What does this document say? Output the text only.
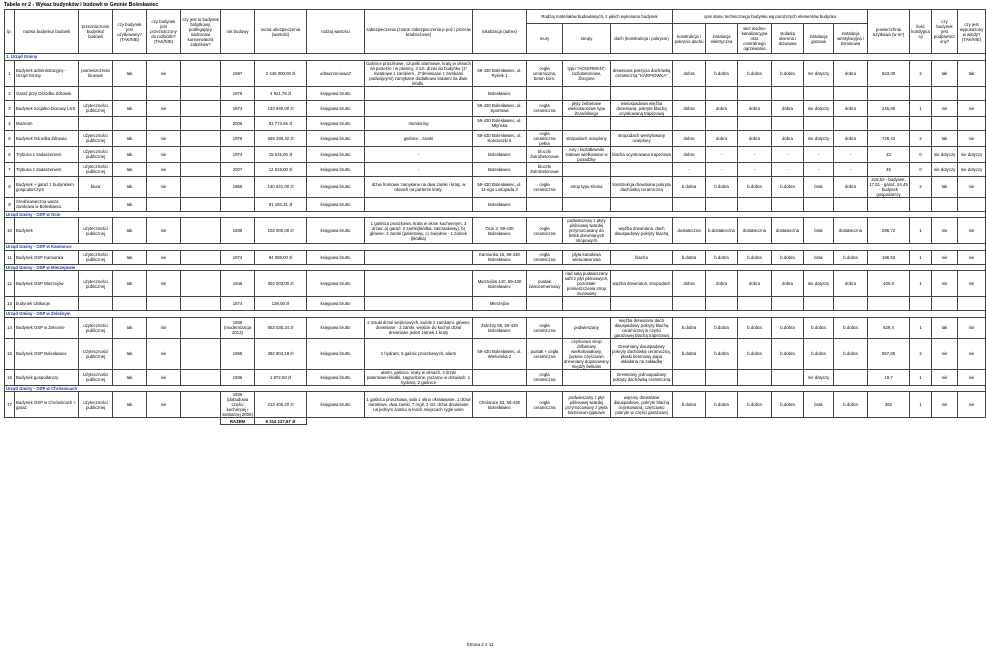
Tabela nr 2 - Wykaz budynków i budowli w Gminie Bolesławiec
lp.	nazwa budynku/ budowli	przeznaczenie budynku/ budowli	czy budynek jest użytkowany? (TAK/NIE)	czy budynek jest przeznaczony do rozbiórki? (TAK/NIE)	czy jest to budynek zabytkowy, podlegający nadzorowi konserwatora zabytków?	rok budowy	suma ubezpieczenia (wartość)	rodzaj wartości	zabezpieczenia (znane zabezpieczenia p-poż i przeciw kradzieżowe)	lokalizacja (adres)	Rodzaj materiałów budowlanych, z jakich wykonano budynek			opis stanu technicznego budynku wg poniższych elementów budynku						powierzchnia użytkowa (w m²)	ilość kondygnacji	czy budynek jest podpiwniczony?	czy jest wyposażony w windy? (TAK/NIE)
											mury	stropy	dach (konstrukcja i pokrycie)	konstrukcja i pokrycie dachu	instalacja elektryczna	sieć wodno-kanalizacyjna oraz centralnego ogrzewania	stolarka okienna i drzwiowa	instalacja gazowa	instalacja wentylacyjna i kominowa				
1. Urząd Gminy																							
1	Budynek administracyjny - Urząd Gminy	pomieszczenia biurowe	tak	nie		1987	2 445 000,00 zł	odtworzeniowa?	Gaśnice proszkowe, czujniki alarmowe, kraty w oknach na parterze i w piwnicy, 3 szt. drzwi do budynku (1* metalowe z zamkiem , 2*drewniane z zamkami podwójnymi) zamykane dodatkowo kratami na dwie kłódki.	59-430 Bolesławiec, ul. Rynek 1	cegła ceramiczna, beton kom.	typu "ACKERMAN", żużlobetonowe, żbrojone	drewniana pokrycia dachówką ceramiczną "KARPIÓWKA"	dobra	b.dobra	b.dobra	b.dobra	nie dotyczy	dobra	843,00	2	tak	tak
2	Garaż przy Ośrodku Zdrowia					1978	4 921,75 zł	księgowa brutto		Bolesławiec													
3	Budynek socjalno-biurowy LKS	użyteczności publicznej	tak	nie		1974	133 940,00 zł	księgowa brutto		59-430 Bolesławiec, ul. Sportowa	cegła ceramiczna	płyty żelbetowe wielootworowe typu Żerańskiego	wielospadowa więźba drewniana, pokryte blachą ocynkowaną trapezową	dobra	dobra	dobra	dobra	nie dotyczy	dobra	246,85	1	nie	nie
4	Muzeum					2006	81 773,56 zł	księgowa brutto	monitoring	59-430 Bolesławiec, ul. Młyńska													
5	Budynek Ośrodka Zdrowia	użyteczności publicznej	tak	nie		1978	659 290,42 zł	księgowa brutto	gaśnice , zamki	59-430 Bolesławiec, ul. Kościuszki 6	cegła ceramiczna pełna	stropodach ocieplony	stropodach wentylowany ocieplony	dobra	dobra	dobra	dobra	nie dotyczy	dobra	728,43	2	tak	nie
6	Trybuna z zadaszeniem	użyteczności publicznej	tak	nie		1974	15 231,00 zł	księgowa brutto	-	Bolesławiec	bloczki żwirobetonowe	rury i kształtowniki stalowe wielkowane w posadzkę	blacha ocynkowana trapezowa	dobra	-	-	-	-	-	23	0	nie dotyczy	nie dotyczy
7	Trybuna z zadaszeniem	użyteczności publicznej	tak	nie		2007	12 619,00 zł	księgowa brutto	-	Bolesławiec	bloczki żwirobetonowe			-	-	-	-	-	-	45	0	nie dotyczy	nie dotyczy
8	Budynek + garaż z budynkiem gospodarczym	biura	tak	nie		1965	140 621,00 zł	księgowa brutto	drzwi frontowe zamykane na dwa zamki i kraty, w oknach na parterze kraty.	59-430 Bolesławiec, ul. 11-ego Listopada 2	cegła ceramiczna	strop typu Kleina	konstrukcja drewniana pokryta dachówką ceramiczną	b.dobra	b.dobra	b.dobra	b.dobra	brak	dobra	219,53 - budynek, 17,51 - garaż, 24,49 - budynek gospodarczy	2	tak	nie
9	Średniowieczna wieża zamkowa w Bolesławcu		tak				91 183,31 zł	księgowa brutto		Bolesławiec													
Urząd Gminy - OSP w Ocie																							
10	Budynek	użyteczności publicznej	tak	nie		1936	102 000,00 zł	księgowa brutto	1 gaśnica proszkowa, krata w oknie kuchennym, 3 drzwi: a) garaż- 2 zamki(kłódka, zatrzaskowy), b) główne- 2 zamki (patentowy, c) zwiędnie - 1 zamek (kłódka)	Ocie 3, 59-430 Bolesławiec	cegła ceramiczna	podwieszany z płyty pilśniowej twardej przymocowany do belek drewnianych stropowych	więźba drewniana, dach dwuspadowy pokryty blachą	dostateczna	b.dostateczna	dostateczna	dostateczna	brak	dostateczna	295,72	1	nie	nie
Urząd Gminy - OSP w Kamionce																							
11	Budynek OSP Kamionka	użyteczności publicznej	tak	nie		1974	84 088,00 zł	księgowa brutto		Kamionka 16, 59-430 Bolesławiec	cegła ceramiczna	płyta kanałowa wielootworowa	blacha	b.dobra	b.dobra	b.dobra	b.dobra	brak	b.dobra	196,53	1	nie	nie
Urząd Gminy - OSP w Mierzejowie																							
12	Budynek OSP Mierzejów	użyteczności publicznej	tak	nie		1946	302 003,00 zł	księgowa brutto		Mierzejów 140, 59-430 Bolesławiec	pustak żwirocementowy	nad salą podwieszany sufit z płyt pilśniowych, pozostałe pomieszczenia strop murowany	więźba drewniana, stropodach	dobra	dobra	dobra	dobra	nie dotyczy	dobra	400,8	1	nie	nie
13	budynek Ubikacje					1974	139,00 zł	księgowa brutto		Mierzejów													
Urząd Gminy - OSP w Żeleźnym																							
14	Budynek OSP w Żeleznie	użyteczności publicznej	tak	nie		1936 (modernizacja 2013)	663 035,34 zł	księgowa brutto	2 sztuki drzwi wejściowych, każde z zamkami, główne drewniane - 2 zamki, wejście do kuchni drzwi drewniane jeden zamek 1 kraty	Żeleźny 66, 59-430 Bolesławiec	cegła ceramiczna	podwieszany	więźba drewniana dach dwuspadowy pokryty blachą ceramiczną w części garażowej blachą trapezową	b.dobra	b.dobra	b.dobra	b.dobra	b.dobra	b.dobra	629,4	1	tak	nie
15	Budynek OSP Bolesławiec	Użyteczności publicznej	tak	nie		1965	382 904,19 zł	księgowa brutto	1 hydrant, 5 gaśnic proszkowych, alarm	59-430 Bolesławiec, ul. Wieluńska 2	pustak + cegła ceramiczna	częściowo strop żelbetowy wielkokanałowy, pięknie częściowo drewniany dopasowany między belkami	Drewniany dwuspadowy pokryty dachówką ceramiczną, płaski betonowy papa układana na zakładkę	b.dobra	b.dobra	b.dobra	b.dobra	b.dobra	b.dobra	557,65	2	nie	nie
16	Budynek gospodarczy	Użyteczności publicznej	tak	nie		1936	1 972,50 zł	księgowa brutto	alarm, gaśnice, kraty w oknach, 4 drzwi patentowe+kłódki, zagrodzone, pożarne w drzwiach, 1 hydrant, 2 gaśnice		cegła ceramiczna		Drewniany jednospadowy pokryty dachówką ceramiczną					nie dotyczy		19,7	1	nie	nie
Urząd Gminy - OSP w Chrósnicach																							
17	Budynek OSP w Chrósnicach + garaż	użyteczności publicznej	tak	nie		1936 (dobudowa części kuchennej i sanitarnej 2006)	213 406,20 zł	księgowa brutto	1 gaśnica proszkowa, sala 1 okno okratowane, 1 drzwi metalowe, dwa zamki, 7 regił, 2 szt. drzwi drewniane na jednym zamku w łosch miejscach rygle ware	Chrósnice 53, 59-430 Bolesławiec	cegła ceramiczna	podwieszany z płyt pilśniowej twardej przymocowany z płyta kartonowo-gipsowe	więzary drewniane dwuspadowe, pokryte blachą ocynkowaną, częściowo pokryte w części garażowej	b.dobra	b.dobra	b.dobra	b.dobra	brak	b.dobra	362	1	nie	nie
						RAZEM	6 314 127,67 zł																
Strona 2 z 11
